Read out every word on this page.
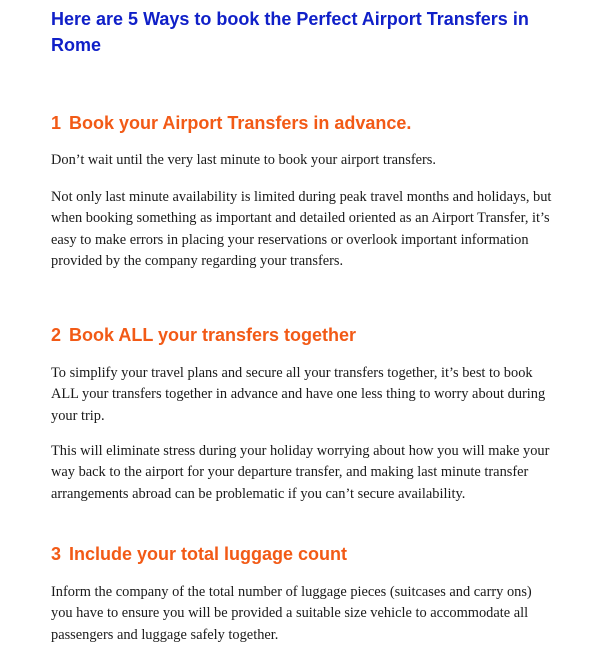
Here are 5 Ways to book the Perfect Airport Transfers in Rome
1 Book your Airport Transfers in advance.

Don’t wait until the very last minute to book your airport transfers.

Not only last minute availability is limited during peak travel months and holidays, but when booking something as important and detailed oriented as an Airport Transfer, it’s easy to make errors in placing your reservations or overlook important information provided by the company regarding your transfers.

2 Book ALL your transfers together

To simplify your travel plans and secure all your transfers together, it’s best to book ALL your transfers together in advance and have one less thing to worry about during your trip.

This will eliminate stress during your holiday worrying about how you will make your way back to the airport for your departure transfer, and making last minute transfer arrangements abroad can be problematic if you can’t secure availability.

3 Include your total luggage count

Inform the company of the total number of luggage pieces (suitcases and carry ons) you have to ensure you will be provided a suitable size vehicle to accommodate all passengers and luggage safely together.
